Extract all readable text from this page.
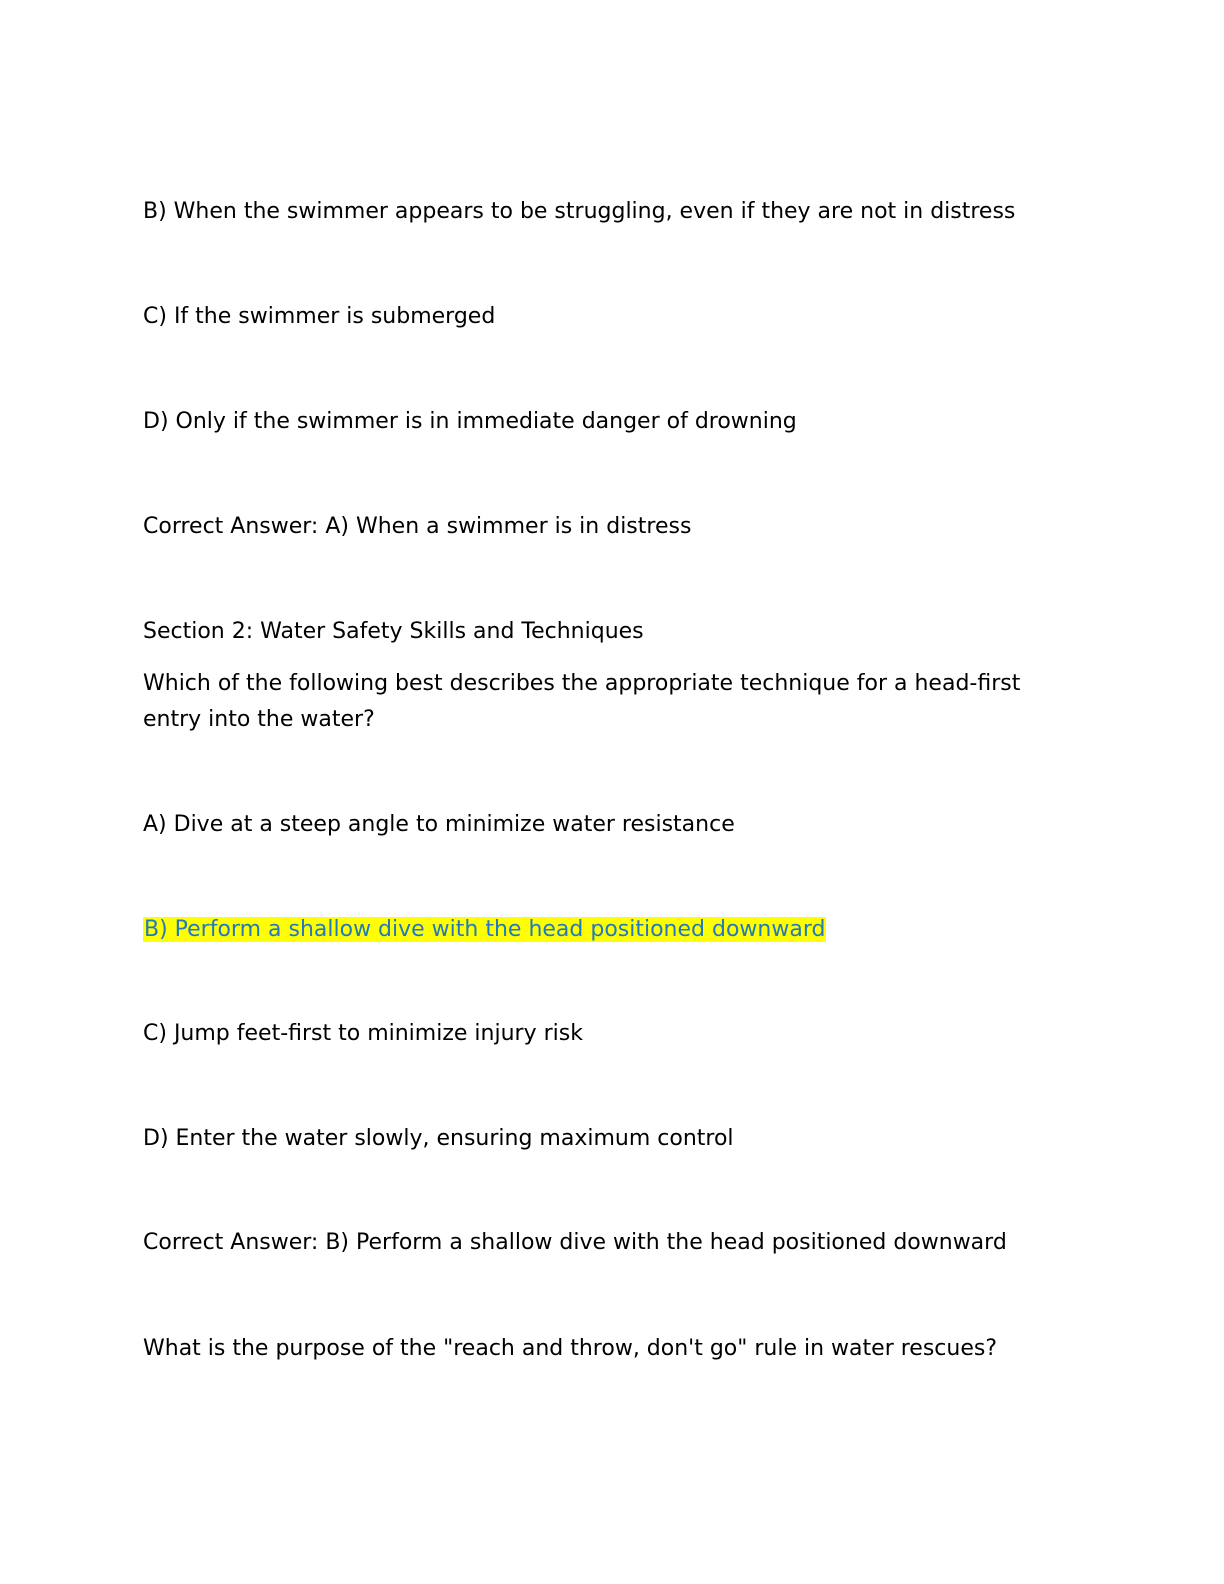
B) When the swimmer appears to be struggling, even if they are not in distress
C) If the swimmer is submerged
D) Only if the swimmer is in immediate danger of drowning
Correct Answer: A) When a swimmer is in distress
Section 2: Water Safety Skills and Techniques
Which of the following best describes the appropriate technique for a head-first entry into the water?
A) Dive at a steep angle to minimize water resistance
B) Perform a shallow dive with the head positioned downward
C) Jump feet-first to minimize injury risk
D) Enter the water slowly, ensuring maximum control
Correct Answer: B) Perform a shallow dive with the head positioned downward
What is the purpose of the "reach and throw, don't go" rule in water rescues?
